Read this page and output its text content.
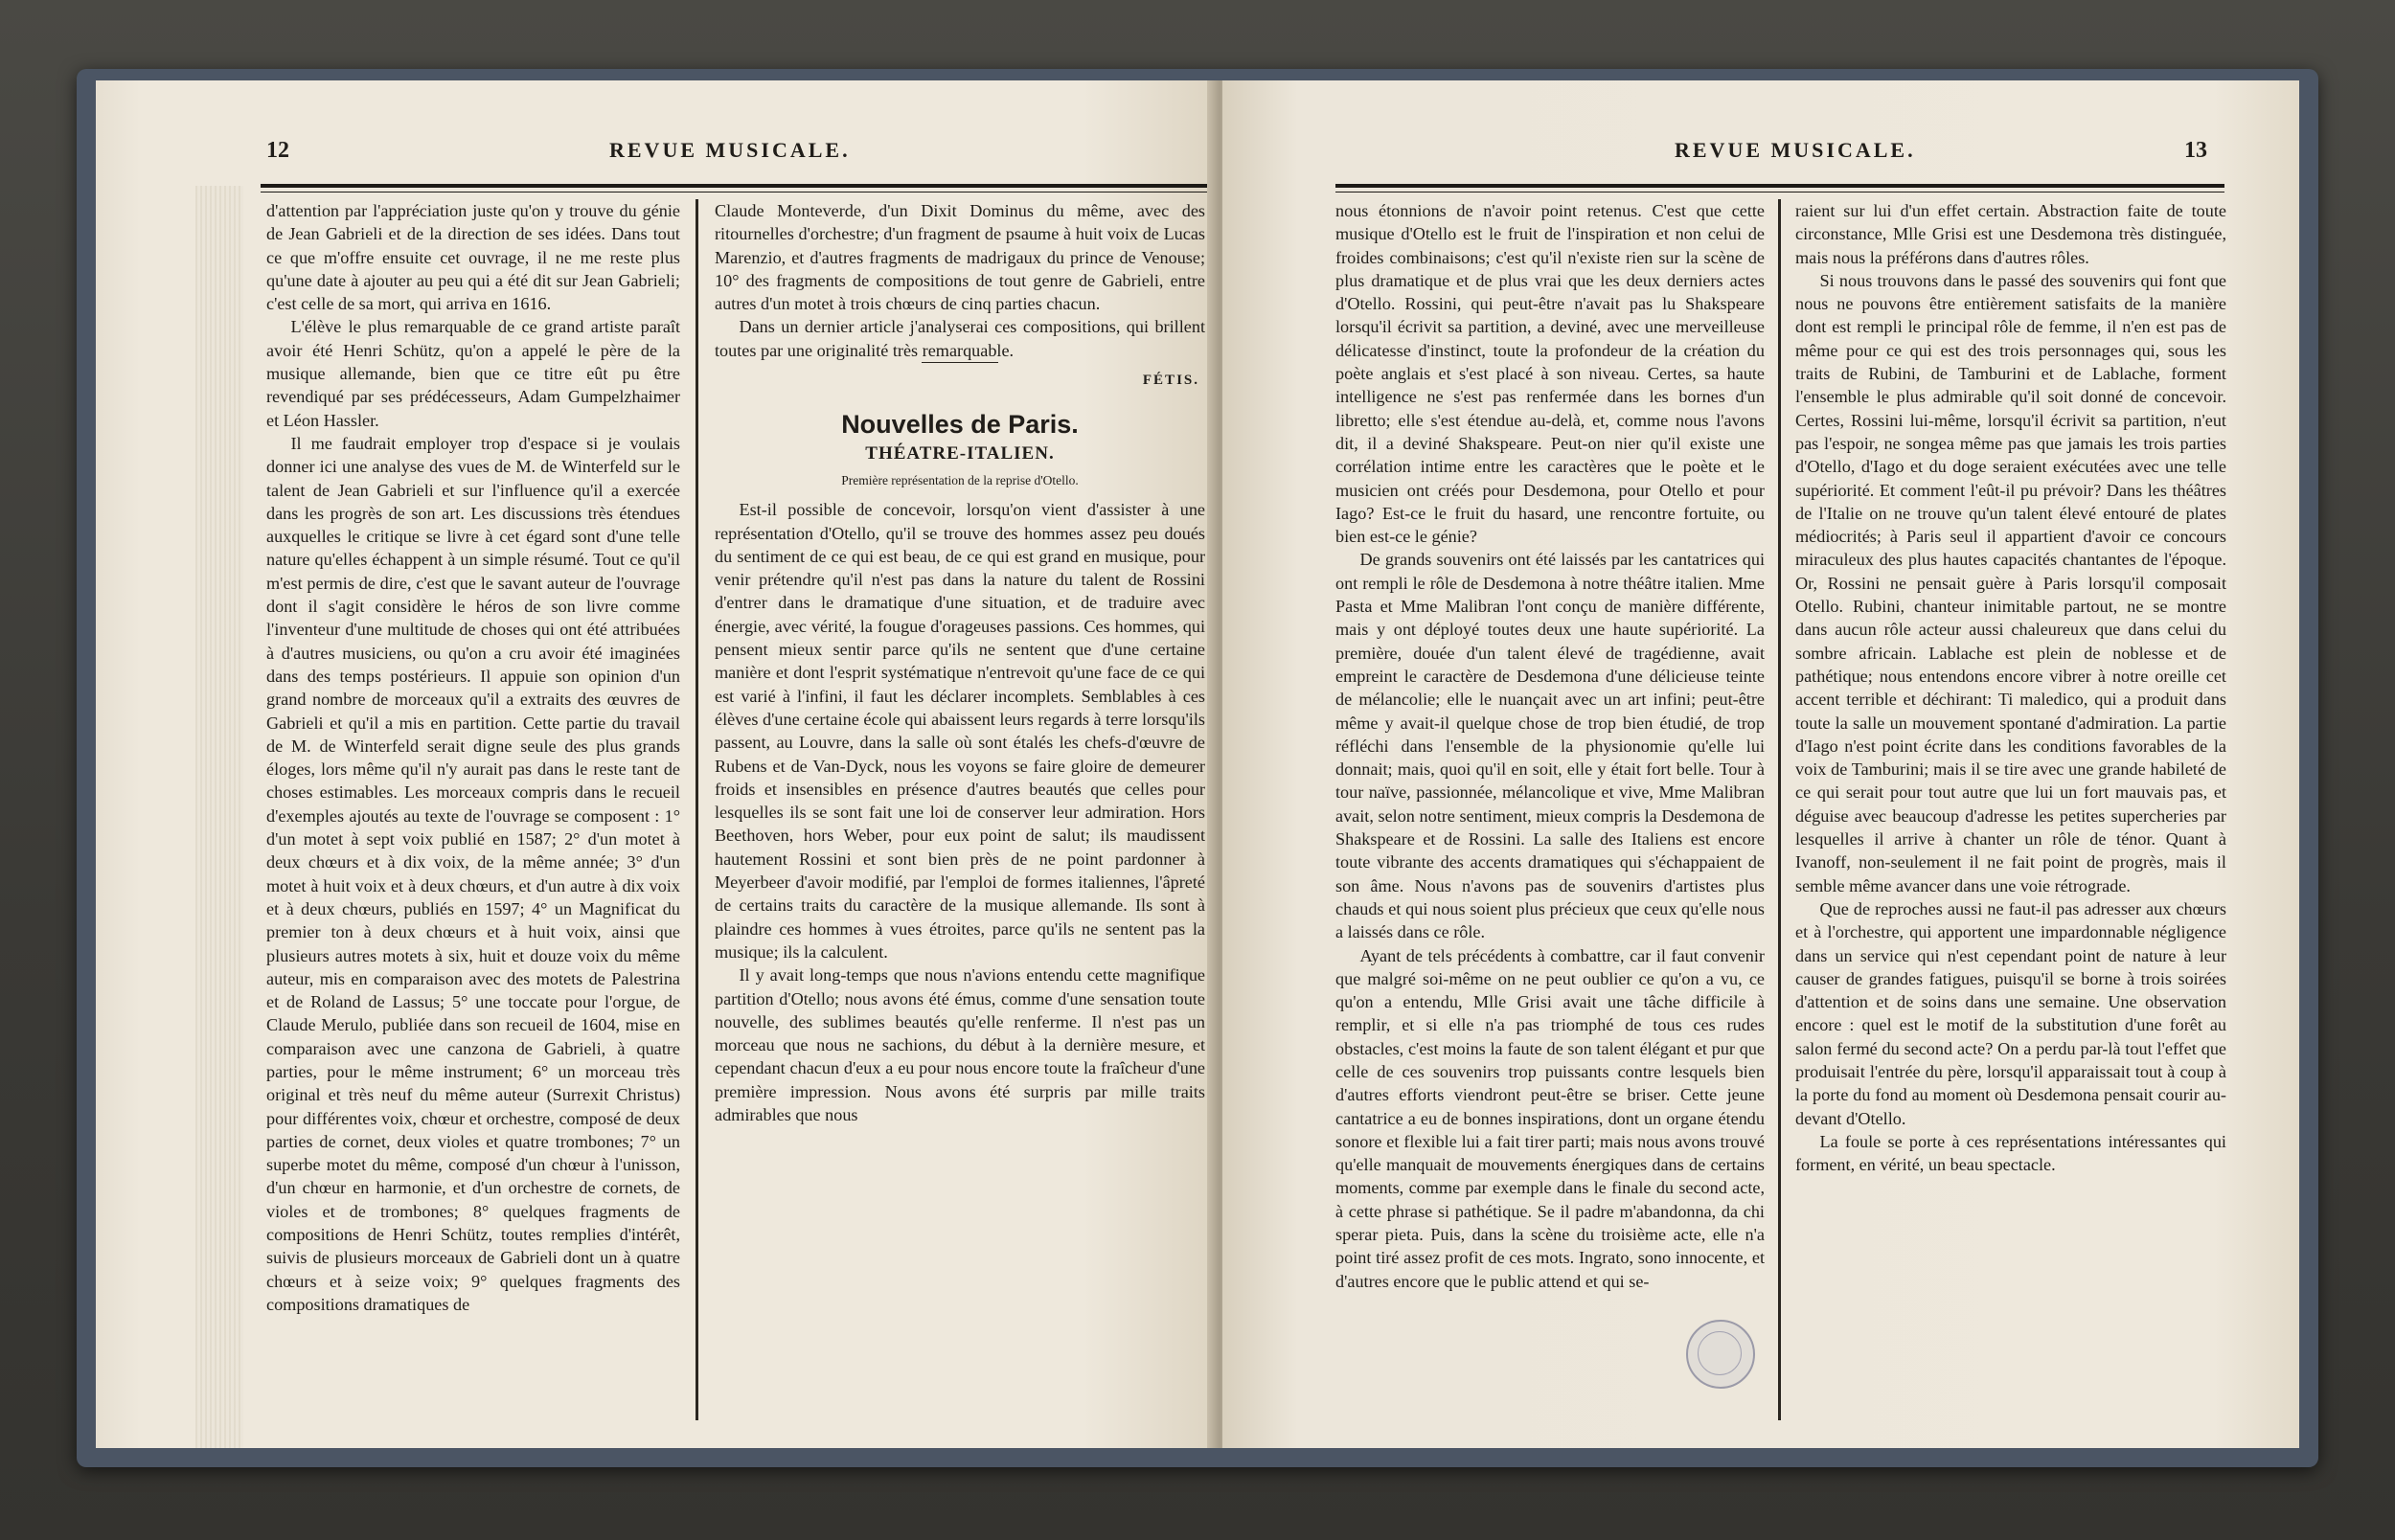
12	REVUE MUSICALE.

d'attention par l'appréciation juste qu'on y trouve du génie de Jean Gabrieli et de la direction de ses idées. Dans tout ce que m'offre ensuite cet ouvrage, il ne me reste plus qu'une date à ajouter au peu qui a été dit sur Jean Gabrieli; c'est celle de sa mort, qui arriva en 1616.

L'élève le plus remarquable de ce grand artiste paraît avoir été Henri Schütz, qu'on a appelé le père de la musique allemande, bien que ce titre eût pu être revendiqué par ses prédécesseurs, Adam Gumpelzhaimer et Léon Hassler.

Il me faudrait employer trop d'espace si je voulais donner ici une analyse des vues de M. de Winterfeld sur le talent de Jean Gabrieli et sur l'influence qu'il a exercée dans les progrès de son art. Les discussions très étendues auxquelles le critique se livre à cet égard sont d'une telle nature qu'elles échappent à un simple résumé. Tout ce qu'il m'est permis de dire, c'est que le savant auteur de l'ouvrage dont il s'agit considère le héros de son livre comme l'inventeur d'une multitude de choses qui ont été attribuées à d'autres musiciens, ou qu'on a cru avoir été imaginées dans des temps postérieurs. Il appuie son opinion d'un grand nombre de morceaux qu'il a extraits des œuvres de Gabrieli et qu'il a mis en partition. Cette partie du travail de M. de Winterfeld serait digne seule des plus grands éloges, lors même qu'il n'y aurait pas dans le reste tant de choses estimables. Les morceaux compris dans le recueil d'exemples ajoutés au texte de l'ouvrage se composent : 1° d'un motet à sept voix publié en 1587; 2° d'un motet à deux chœurs et à dix voix, de la même année; 3° d'un motet à huit voix et à deux chœurs, et d'un autre à dix voix et à deux chœurs, publiés en 1597; 4° un Magnificat du premier ton à deux chœurs et à huit voix, ainsi que plusieurs autres motets à six, huit et douze voix du même auteur, mis en comparaison avec des motets de Palestrina et de Roland de Lassus; 5° une toccate pour l'orgue, de Claude Merulo, publiée dans son recueil de 1604, mise en comparaison avec une canzona de Gabrieli, à quatre parties, pour le même instrument; 6° un morceau très original et très neuf du même auteur (Surrexit Christus) pour différentes voix, chœur et orchestre, composé de deux parties de cornet, deux violes et quatre trombones; 7° un superbe motet du même, composé d'un chœur à l'unisson, d'un chœur en harmonie, et d'un orchestre de cornets, de violes et de trombones; 8° quelques fragments de compositions de Henri Schütz, toutes remplies d'intérêt, suivis de plusieurs morceaux de Gabrieli dont un à quatre chœurs et à seize voix; 9° quelques fragments des compositions dramatiques de

Claude Monteverde, d'un Dixit Dominus du même, avec des ritournelles d'orchestre; d'un fragment de psaume à huit voix de Lucas Marenzio, et d'autres fragments de madrigaux du prince de Venouse; 10° des fragments de compositions de tout genre de Gabrieli, entre autres d'un motet à trois chœurs de cinq parties chacun.

Dans un dernier article j'analyserai ces compositions, qui brillent toutes par une originalité très remarquable.

FÉTIS.

Nouvelles de Paris.
THÉATRE-ITALIEN.

Première représentation de la reprise d'Otello.

Est-il possible de concevoir, lorsqu'on vient d'assister à une représentation d'Otello, qu'il se trouve des hommes assez peu doués du sentiment de ce qui est beau, de ce qui est grand en musique, pour venir prétendre qu'il n'est pas dans la nature du talent de Rossini d'entrer dans le dramatique d'une situation, et de traduire avec énergie, avec vérité, la fougue d'orageuses passions. Ces hommes, qui pensent mieux sentir parce qu'ils ne sentent que d'une certaine manière et dont l'esprit systématique n'entrevoit qu'une face de ce qui est varié à l'infini, il faut les déclarer incomplets. Semblables à ces élèves d'une certaine école qui abaissent leurs regards à terre lorsqu'ils passent, au Louvre, dans la salle où sont étalés les chefs-d'œuvre de Rubens et de Van-Dyck, nous les voyons se faire gloire de demeurer froids et insensibles en présence d'autres beautés que celles pour lesquelles ils se sont fait une loi de conserver leur admiration. Hors Beethoven, hors Weber, pour eux point de salut; ils maudissent hautement Rossini et sont bien près de ne point pardonner à Meyerbeer d'avoir modifié, par l'emploi de formes italiennes, l'âpreté de certains traits du caractère de la musique allemande. Ils sont à plaindre ces hommes à vues étroites, parce qu'ils ne sentent pas la musique; ils la calculent.

Il y avait long-temps que nous n'avions entendu cette magnifique partition d'Otello; nous avons été émus, comme d'une sensation toute nouvelle, des sublimes beautés qu'elle renferme. Il n'est pas un morceau que nous ne sachions, du début à la dernière mesure, et cependant chacun d'eux a eu pour nous encore toute la fraîcheur d'une première impression. Nous avons été surpris par mille traits admirables que nous

REVUE MUSICALE.	13

nous étonnions de n'avoir point retenus. C'est que cette musique d'Otello est le fruit de l'inspiration et non celui de froides combinaisons; c'est qu'il n'existe rien sur la scène de plus dramatique et de plus vrai que les deux derniers actes d'Otello. Rossini, qui peut-être n'avait pas lu Shakspeare lorsqu'il écrivit sa partition, a deviné, avec une merveilleuse délicatesse d'instinct, toute la profondeur de la création du poète anglais et s'est placé à son niveau. Certes, sa haute intelligence ne s'est pas renfermée dans les bornes d'un libretto; elle s'est étendue au-delà, et, comme nous l'avons dit, il a deviné Shakspeare. Peut-on nier qu'il existe une corrélation intime entre les caractères que le poète et le musicien ont créés pour Desdemona, pour Otello et pour Iago? Est-ce le fruit du hasard, une rencontre fortuite, ou bien est-ce le génie?

De grands souvenirs ont été laissés par les cantatrices qui ont rempli le rôle de Desdemona à notre théâtre italien. Mme Pasta et Mme Malibran l'ont conçu de manière différente, mais y ont déployé toutes deux une haute supériorité. La première, douée d'un talent élevé de tragédienne, avait empreint le caractère de Desdemona d'une délicieuse teinte de mélancolie; elle le nuançait avec un art infini; peut-être même y avait-il quelque chose de trop bien étudié, de trop réfléchi dans l'ensemble de la physionomie qu'elle lui donnait; mais, quoi qu'il en soit, elle y était fort belle. Tour à tour naïve, passionnée, mélancolique et vive, Mme Malibran avait, selon notre sentiment, mieux compris la Desdemona de Shakspeare et de Rossini. La salle des Italiens est encore toute vibrante des accents dramatiques qui s'échappaient de son âme. Nous n'avons pas de souvenirs d'artistes plus chauds et qui nous soient plus précieux que ceux qu'elle nous a laissés dans ce rôle.

Ayant de tels précédents à combattre, car il faut convenir que malgré soi-même on ne peut oublier ce qu'on a vu, ce qu'on a entendu, Mlle Grisi avait une tâche difficile à remplir, et si elle n'a pas triomphé de tous ces rudes obstacles, c'est moins la faute de son talent élégant et pur que celle de ces souvenirs trop puissants contre lesquels bien d'autres efforts viendront peut-être se briser. Cette jeune cantatrice a eu de bonnes inspirations, dont un organe étendu sonore et flexible lui a fait tirer parti; mais nous avons trouvé qu'elle manquait de mouvements énergiques dans de certains moments, comme par exemple dans le finale du second acte, à cette phrase si pathétique. Se il padre m'abandonna, da chi sperar pieta. Puis, dans la scène du troisième acte, elle n'a point tiré assez profit de ces mots. Ingrato, sono innocente, et d'autres encore que le public attend et qui se-

raient sur lui d'un effet certain. Abstraction faite de toute circonstance, Mlle Grisi est une Desdemona très distinguée, mais nous la préférons dans d'autres rôles.

Si nous trouvons dans le passé des souvenirs qui font que nous ne pouvons être entièrement satisfaits de la manière dont est rempli le principal rôle de femme, il n'en est pas de même pour ce qui est des trois personnages qui, sous les traits de Rubini, de Tamburini et de Lablache, forment l'ensemble le plus admirable qu'il soit donné de concevoir. Certes, Rossini lui-même, lorsqu'il écrivit sa partition, n'eut pas l'espoir, ne songea même pas que jamais les trois parties d'Otello, d'Iago et du doge seraient exécutées avec une telle supériorité. Et comment l'eût-il pu prévoir? Dans les théâtres de l'Italie on ne trouve qu'un talent élevé entouré de plates médiocrités; à Paris seul il appartient d'avoir ce concours miraculeux des plus hautes capacités chantantes de l'époque. Or, Rossini ne pensait guère à Paris lorsqu'il composait Otello. Rubini, chanteur inimitable partout, ne se montre dans aucun rôle acteur aussi chaleureux que dans celui du sombre africain. Lablache est plein de noblesse et de pathétique; nous entendons encore vibrer à notre oreille cet accent terrible et déchirant: Ti maledico, qui a produit dans toute la salle un mouvement spontané d'admiration. La partie d'Iago n'est point écrite dans les conditions favorables de la voix de Tamburini; mais il se tire avec une grande habileté de ce qui serait pour tout autre que lui un fort mauvais pas, et déguise avec beaucoup d'adresse les petites supercheries par lesquelles il arrive à chanter un rôle de ténor. Quant à Ivanoff, non-seulement il ne fait point de progrès, mais il semble même avancer dans une voie rétrograde.

Que de reproches aussi ne faut-il pas adresser aux chœurs et à l'orchestre, qui apportent une impardonnable négligence dans un service qui n'est cependant point de nature à leur causer de grandes fatigues, puisqu'il se borne à trois soirées d'attention et de soins dans une semaine. Une observation encore : quel est le motif de la substitution d'une forêt au salon fermé du second acte? On a perdu par-là tout l'effet que produisait l'entrée du père, lorsqu'il apparaissait tout à coup à la porte du fond au moment où Desdemona pensait courir au-devant d'Otello.

La foule se porte à ces représentations intéressantes qui forment, en vérité, un beau spectacle.
